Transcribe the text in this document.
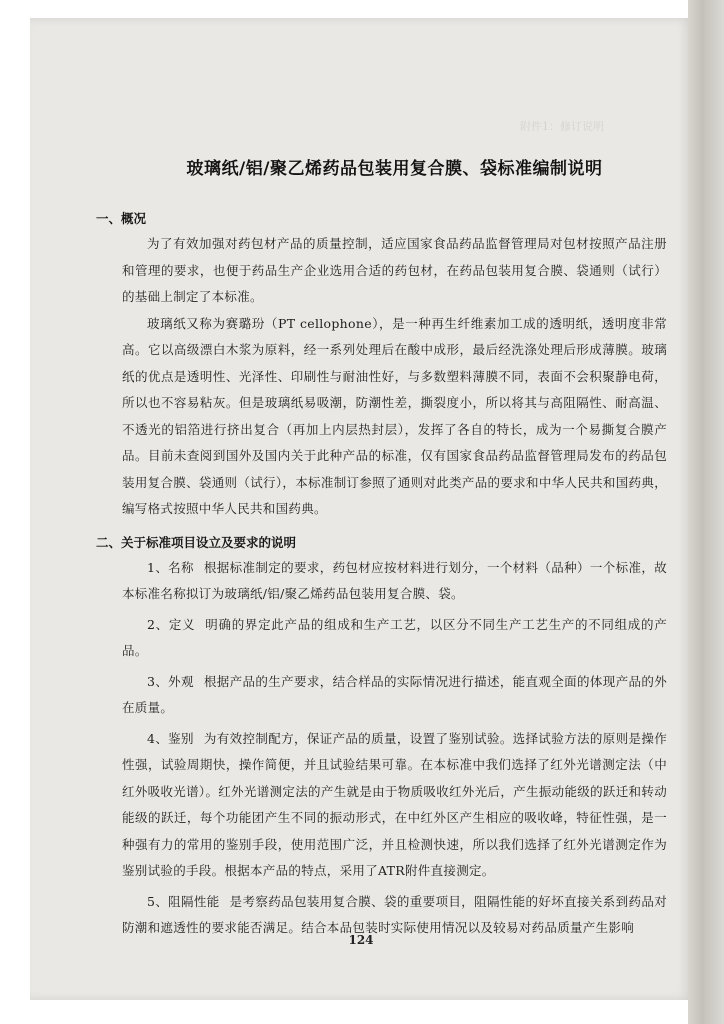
附件1：修订说明
玻璃纸/铝/聚乙烯药品包装用复合膜、袋标准编制说明
一、概况

为了有效加强对药包材产品的质量控制，适应国家食品药品监督管理局对包材按照产品注册和管理的要求，也便于药品生产企业选用合适的药包材，在药品包装用复合膜、袋通则（试行）的基础上制定了本标准。

玻璃纸又称为赛璐玢（PT cellophone），是一种再生纤维素加工成的透明纸，透明度非常高。它以高级漂白木浆为原料，经一系列处理后在酸中成形，最后经洗涤处理后形成薄膜。玻璃纸的优点是透明性、光泽性、印刷性与耐油性好，与多数塑料薄膜不同，表面不会积聚静电荷，所以也不容易粘灰。但是玻璃纸易吸潮，防潮性差，撕裂度小，所以将其与高阻隔性、耐高温、不透光的铝箔进行挤出复合（再加上内层热封层），发挥了各自的特长，成为一个易撕复合膜产品。目前未查阅到国外及国内关于此种产品的标准，仅有国家食品药品监督管理局发布的药品包装用复合膜、袋通则（试行），本标准制订参照了通则对此类产品的要求和中华人民共和国药典，编写格式按照中华人民共和国药典。

二、关于标准项目设立及要求的说明

1、名称 根据标准制定的要求，药包材应按材料进行划分，一个材料（品种）一个标准，故本标准名称拟订为玻璃纸/铝/聚乙烯药品包装用复合膜、袋。

2、定义 明确的界定此产品的组成和生产工艺，以区分不同生产工艺生产的不同组成的产品。

3、外观 根据产品的生产要求，结合样品的实际情况进行描述，能直观全面的体现产品的外在质量。

4、鉴别 为有效控制配方，保证产品的质量，设置了鉴别试验。选择试验方法的原则是操作性强，试验周期快，操作简便，并且试验结果可靠。在本标准中我们选择了红外光谱测定法（中红外吸收光谱）。红外光谱测定法的产生就是由于物质吸收红外光后，产生振动能级的跃迁和转动能级的跃迁，每个功能团产生不同的振动形式，在中红外区产生相应的吸收峰，特征性强，是一种强有力的常用的鉴别手段，使用范围广泛，并且检测快速，所以我们选择了红外光谱测定作为鉴别试验的手段。根据本产品的特点，采用了ATR附件直接测定。

5、阻隔性能 是考察药品包装用复合膜、袋的重要项目，阻隔性能的好坏直接关系到药品对防潮和遮透性的要求能否满足。结合本品包装时实际使用情况以及较易对药品质量产生影响

124
